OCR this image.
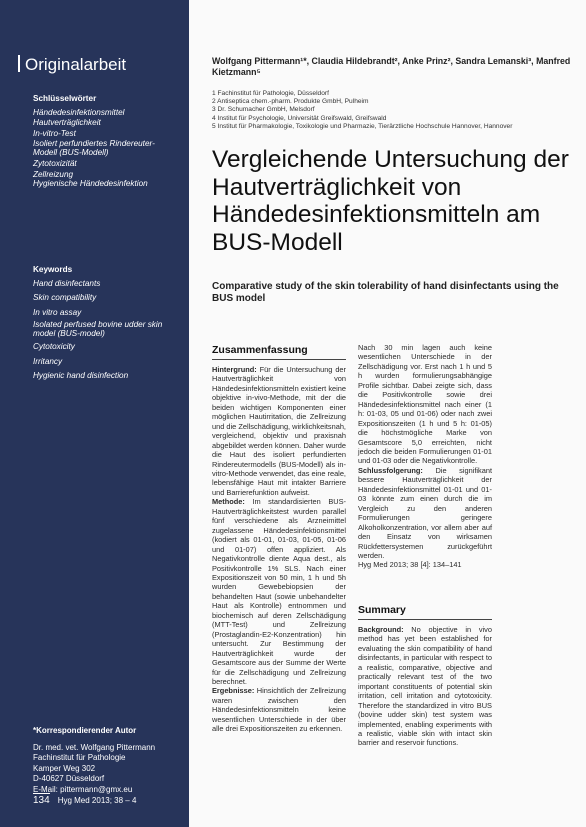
Originalarbeit
Schlüsselwörter
Händedesinfektionsmittel
Hautverträglichkeit
In-vitro-Test
Isoliert perfundiertes Rindereuter-Modell (BUS-Modell)
Zytotoxizität
Zellreizung
Hygienische Händedesinfektion
Keywords
Hand disinfectants
Skin compatibility
In vitro assay
Isolated perfused bovine udder skin model (BUS-model)
Cytotoxicity
Irritancy
Hygienic hand disinfection
*Korrespondierender Autor
Dr. med. vet. Wolfgang Pittermann
Fachinstitut für Pathologie
Kamper Weg 302
D-40627 Düsseldorf
E-Mail: pittermann@gmx.eu
134 Hyg Med 2013; 38 – 4
Wolfgang Pittermann¹*, Claudia Hildebrandt², Anke Prinz², Sandra Lemanski³, Manfred Kietzmann⁵
1 Fachinstitut für Pathologie, Düsseldorf
2 Antiseptica chem.-pharm. Produkte GmbH, Pulheim
3 Dr. Schumacher GmbH, Melsdorf
4 Institut für Psychologie, Universität Greifswald, Greifswald
5 Institut für Pharmakologie, Toxikologie und Pharmazie, Tierärztliche Hochschule Hannover, Hannover
Vergleichende Untersuchung der Hautverträglichkeit von Händedesinfektionsmitteln am BUS-Modell
Comparative study of the skin tolerability of hand disinfectants using the BUS model
Zusammenfassung

Hintergrund: Für die Untersuchung der Hautverträglichkeit von Händedesinfektionsmitteln existiert keine objektive in-vivo-Methode, mit der die beiden wichtigen Komponenten einer möglichen Hautirritation, die Zellreizung und die Zellschädigung, wirklichkeitsnah, vergleichend, objektiv und praxisnah abgebildet werden können. Daher wurde die Haut des isoliert perfundierten Rindereutermodells (BUS-Modell) als in-vitro-Methode verwendet, das eine reale, lebensfähige Haut mit intakter Barriere und Barrierefunktion aufweist.

Methode: Im standardisierten BUS-Hautverträglichkeitstest wurden parallel fünf verschiedene als Arzneimittel zugelassene Händedesinfektionsmittel (kodiert als 01-01, 01-03, 01-05, 01-06 und 01-07) offen appliziert. Als Negativkontrolle diente Aqua dest., als Positivkontrolle 1% SLS. Nach einer Expositionszeit von 50 min, 1 h und 5h wurden Gewebebiopsien der behandelten Haut (sowie unbehandelter Haut als Kontrolle) entnommen und biochemisch auf deren Zellschädigung (MTT-Test) und Zellreizung (Prostaglandin-E2-Konzentration) hin untersucht. Zur Bestimmung der Hautverträglichkeit wurde der Gesamtscore aus der Summe der Werte für die Zellschädigung und Zellreizung berechnet.

Ergebnisse: Hinsichtlich der Zellreizung waren zwischen den Händedesinfektionsmitteln keine wesentlichen Unterschiede in der über alle drei Expositionszeiten zu erkennen.

Nach 30 min lagen auch keine wesentlichen Unterschiede in der Zellschädigung vor. Erst nach 1 h und 5 h wurden formulierungsabhängige Profile sichtbar. Dabei zeigte sich, dass die Positivkontrolle sowie drei Händedesinfektionsmittel nach einer (1 h: 01-03, 05 und 01-06) oder nach zwei Expositionszeiten (1 h und 5 h: 01-05) die höchstmögliche Marke von Gesamtscore 5,0 erreichten, nicht jedoch die beiden Formulierungen 01-01 und 01-03 oder die Negativkontrolle.

Schlussfolgerung: Die signifikant bessere Hautverträglichkeit der Händedesinfektionsmittel 01-01 und 01-03 könnte zum einen durch die im Vergleich zu den anderen Formulierungen geringere Alkoholkonzentration, vor allem aber auf den Einsatz von wirksamen Rückfettersystemen zurückgeführt werden.

Hyg Med 2013; 38 [4]: 134–141

Summary

Background: No objective in vivo method has yet been established for evaluating the skin compatibility of hand disinfectants, in particular with respect to a realistic, comparative, objective and practically relevant test of the two important constituents of potential skin irritation, cell irritation and cytotoxicity. Therefore the standardized in vitro BUS (bovine udder skin) test system was implemented, enabling experiments with a realistic, viable skin with intact skin barrier and reservoir functions.
